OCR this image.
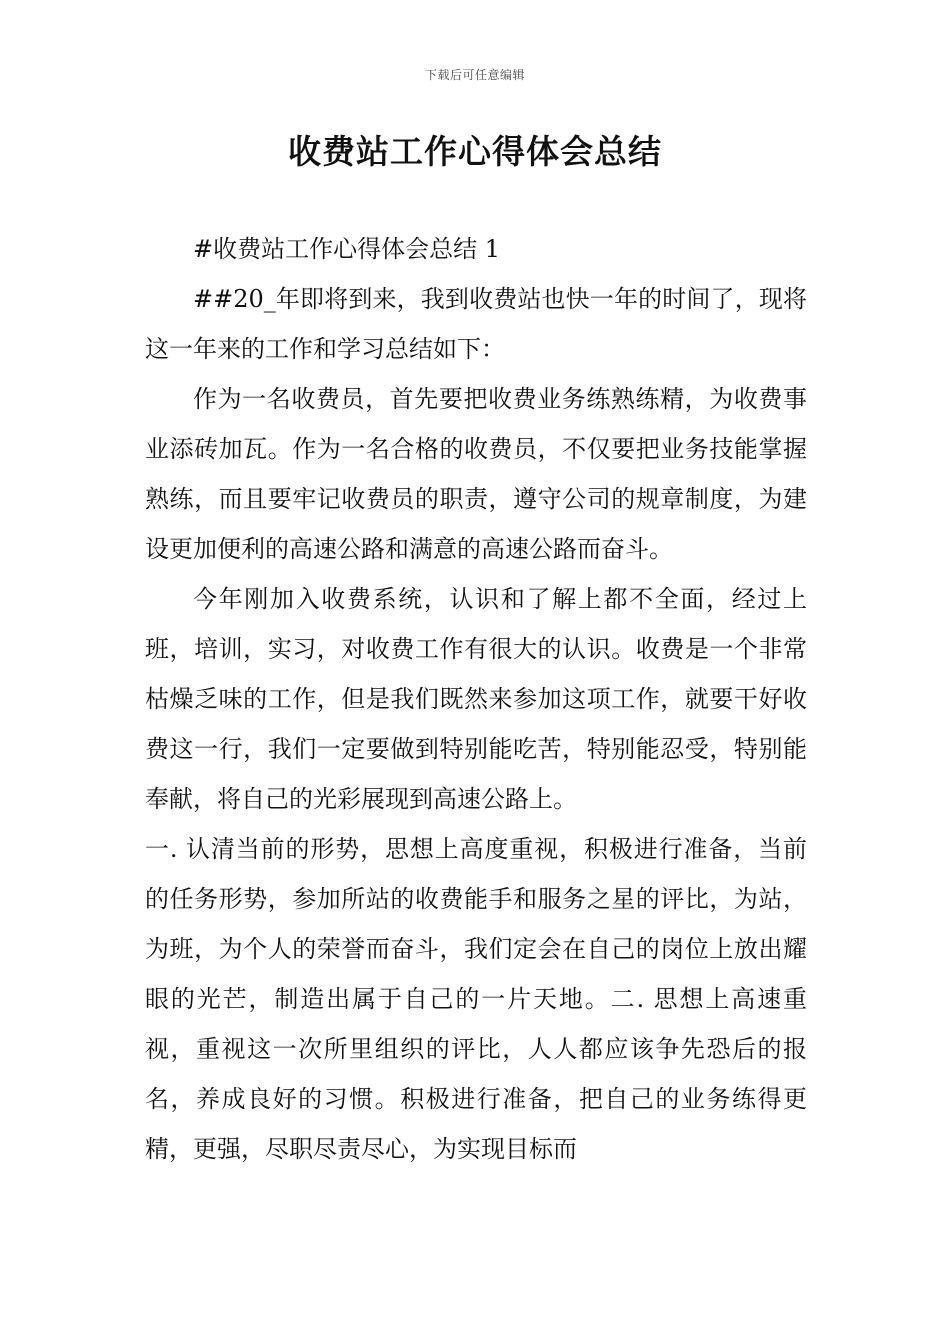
下载后可任意编辑
收费站工作心得体会总结

#收费站工作心得体会总结 1

##20_年即将到来，我到收费站也快一年的时间了，现将这一年来的工作和学习总结如下：

作为一名收费员，首先要把收费业务练熟练精，为收费事业添砖加瓦。作为一名合格的收费员，不仅要把业务技能掌握熟练，而且要牢记收费员的职责，遵守公司的规章制度，为建设更加便利的高速公路和满意的高速公路而奋斗。

今年刚加入收费系统，认识和了解上都不全面，经过上班，培训，实习，对收费工作有很大的认识。收费是一个非常枯燥乏味的工作，但是我们既然来参加这项工作，就要干好收费这一行，我们一定要做到特别能吃苦，特别能忍受，特别能奉献，将自己的光彩展现到高速公路上。

一. 认清当前的形势，思想上高度重视，积极进行准备，当前的任务形势，参加所站的收费能手和服务之星的评比，为站，为班，为个人的荣誉而奋斗，我们定会在自己的岗位上放出耀眼的光芒，制造出属于自己的一片天地。二. 思想上高速重视，重视这一次所里组织的评比，人人都应该争先恐后的报名，养成良好的习惯。积极进行准备，把自己的业务练得更精，更强，尽职尽责尽心，为实现目标而
